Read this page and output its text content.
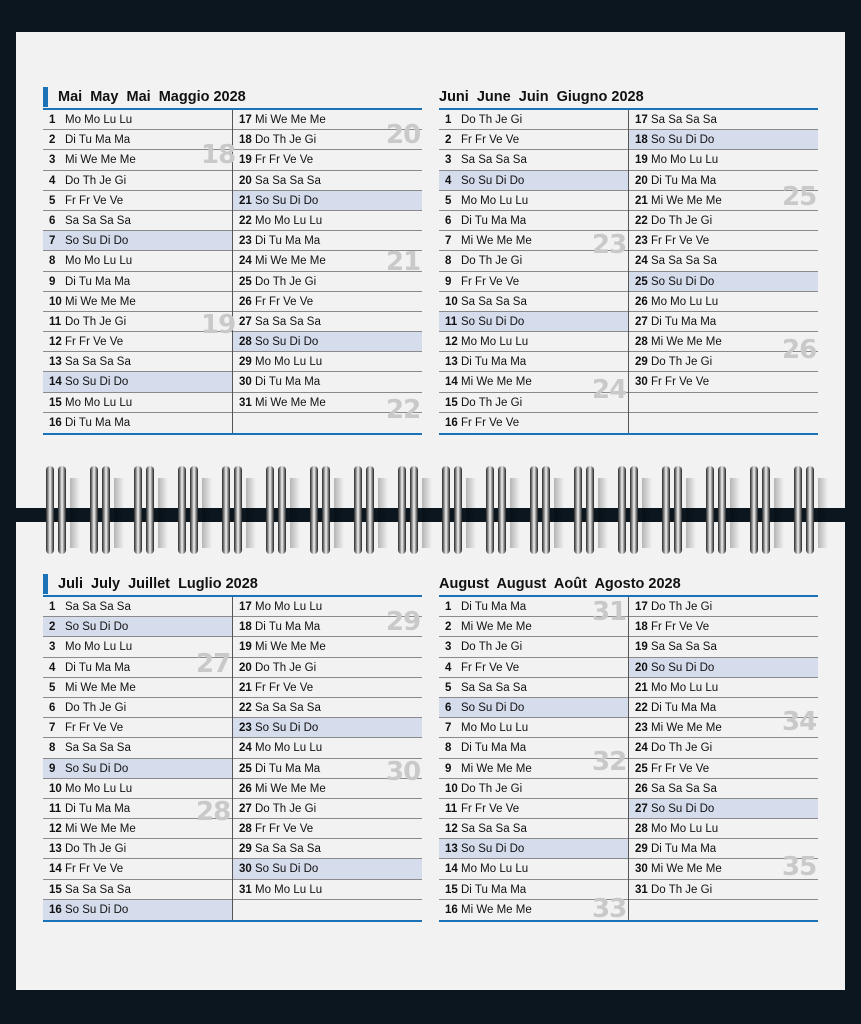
Mai  May  Mai  Maggio 2028
1 Mo Mo Lu Lu
2 Di Tu Ma Ma
3 Mi We Me Me
4 Do Th Je Gi
5 Fr Fr Ve Ve
6 Sa Sa Sa Sa
7 So Su Di Do
8 Mo Mo Lu Lu
9 Di Tu Ma Ma
10 Mi We Me Me
11 Do Th Je Gi
12 Fr Fr Ve Ve
13 Sa Sa Sa Sa
14 So Su Di Do
15 Mo Mo Lu Lu
16 Di Tu Ma Ma
17 Mi We Me Me
18 Do Th Je Gi
19 Fr Fr Ve Ve
20 Sa Sa Sa Sa
21 So Su Di Do
22 Mo Mo Lu Lu
23 Di Tu Ma Ma
24 Mi We Me Me
25 Do Th Je Gi
26 Fr Fr Ve Ve
27 Sa Sa Sa Sa
28 So Su Di Do
29 Mo Mo Lu Lu
30 Di Tu Ma Ma
31 Mi We Me Me
18
19
20
21
22
Juni  June  Juin  Giugno 2028
1 Do Th Je Gi
2 Fr Fr Ve Ve
3 Sa Sa Sa Sa
4 So Su Di Do
5 Mo Mo Lu Lu
6 Di Tu Ma Ma
7 Mi We Me Me
8 Do Th Je Gi
9 Fr Fr Ve Ve
10 Sa Sa Sa Sa
11 So Su Di Do
12 Mo Mo Lu Lu
13 Di Tu Ma Ma
14 Mi We Me Me
15 Do Th Je Gi
16 Fr Fr Ve Ve
17 Sa Sa Sa Sa
18 So Su Di Do
19 Mo Mo Lu Lu
20 Di Tu Ma Ma
21 Mi We Me Me
22 Do Th Je Gi
23 Fr Fr Ve Ve
24 Sa Sa Sa Sa
25 So Su Di Do
26 Mo Mo Lu Lu
27 Di Tu Ma Ma
28 Mi We Me Me
29 Do Th Je Gi
30 Fr Fr Ve Ve
23
24
25
26
Juli  July  Juillet  Luglio 2028
1 Sa Sa Sa Sa
2 So Su Di Do
3 Mo Mo Lu Lu
4 Di Tu Ma Ma
5 Mi We Me Me
6 Do Th Je Gi
7 Fr Fr Ve Ve
8 Sa Sa Sa Sa
9 So Su Di Do
10 Mo Mo Lu Lu
11 Di Tu Ma Ma
12 Mi We Me Me
13 Do Th Je Gi
14 Fr Fr Ve Ve
15 Sa Sa Sa Sa
16 So Su Di Do
17 Mo Mo Lu Lu
18 Di Tu Ma Ma
19 Mi We Me Me
20 Do Th Je Gi
21 Fr Fr Ve Ve
22 Sa Sa Sa Sa
23 So Su Di Do
24 Mo Mo Lu Lu
25 Di Tu Ma Ma
26 Mi We Me Me
27 Do Th Je Gi
28 Fr Fr Ve Ve
29 Sa Sa Sa Sa
30 So Su Di Do
31 Mo Mo Lu Lu
27
28
29
30
August  August  Août  Agosto 2028
1 Di Tu Ma Ma
2 Mi We Me Me
3 Do Th Je Gi
4 Fr Fr Ve Ve
5 Sa Sa Sa Sa
6 So Su Di Do
7 Mo Mo Lu Lu
8 Di Tu Ma Ma
9 Mi We Me Me
10 Do Th Je Gi
11 Fr Fr Ve Ve
12 Sa Sa Sa Sa
13 So Su Di Do
14 Mo Mo Lu Lu
15 Di Tu Ma Ma
16 Mi We Me Me
17 Do Th Je Gi
18 Fr Fr Ve Ve
19 Sa Sa Sa Sa
20 So Su Di Do
21 Mo Mo Lu Lu
22 Di Tu Ma Ma
23 Mi We Me Me
24 Do Th Je Gi
25 Fr Fr Ve Ve
26 Sa Sa Sa Sa
27 So Su Di Do
28 Mo Mo Lu Lu
29 Di Tu Ma Ma
30 Mi We Me Me
31 Do Th Je Gi
31
32
33
34
35
